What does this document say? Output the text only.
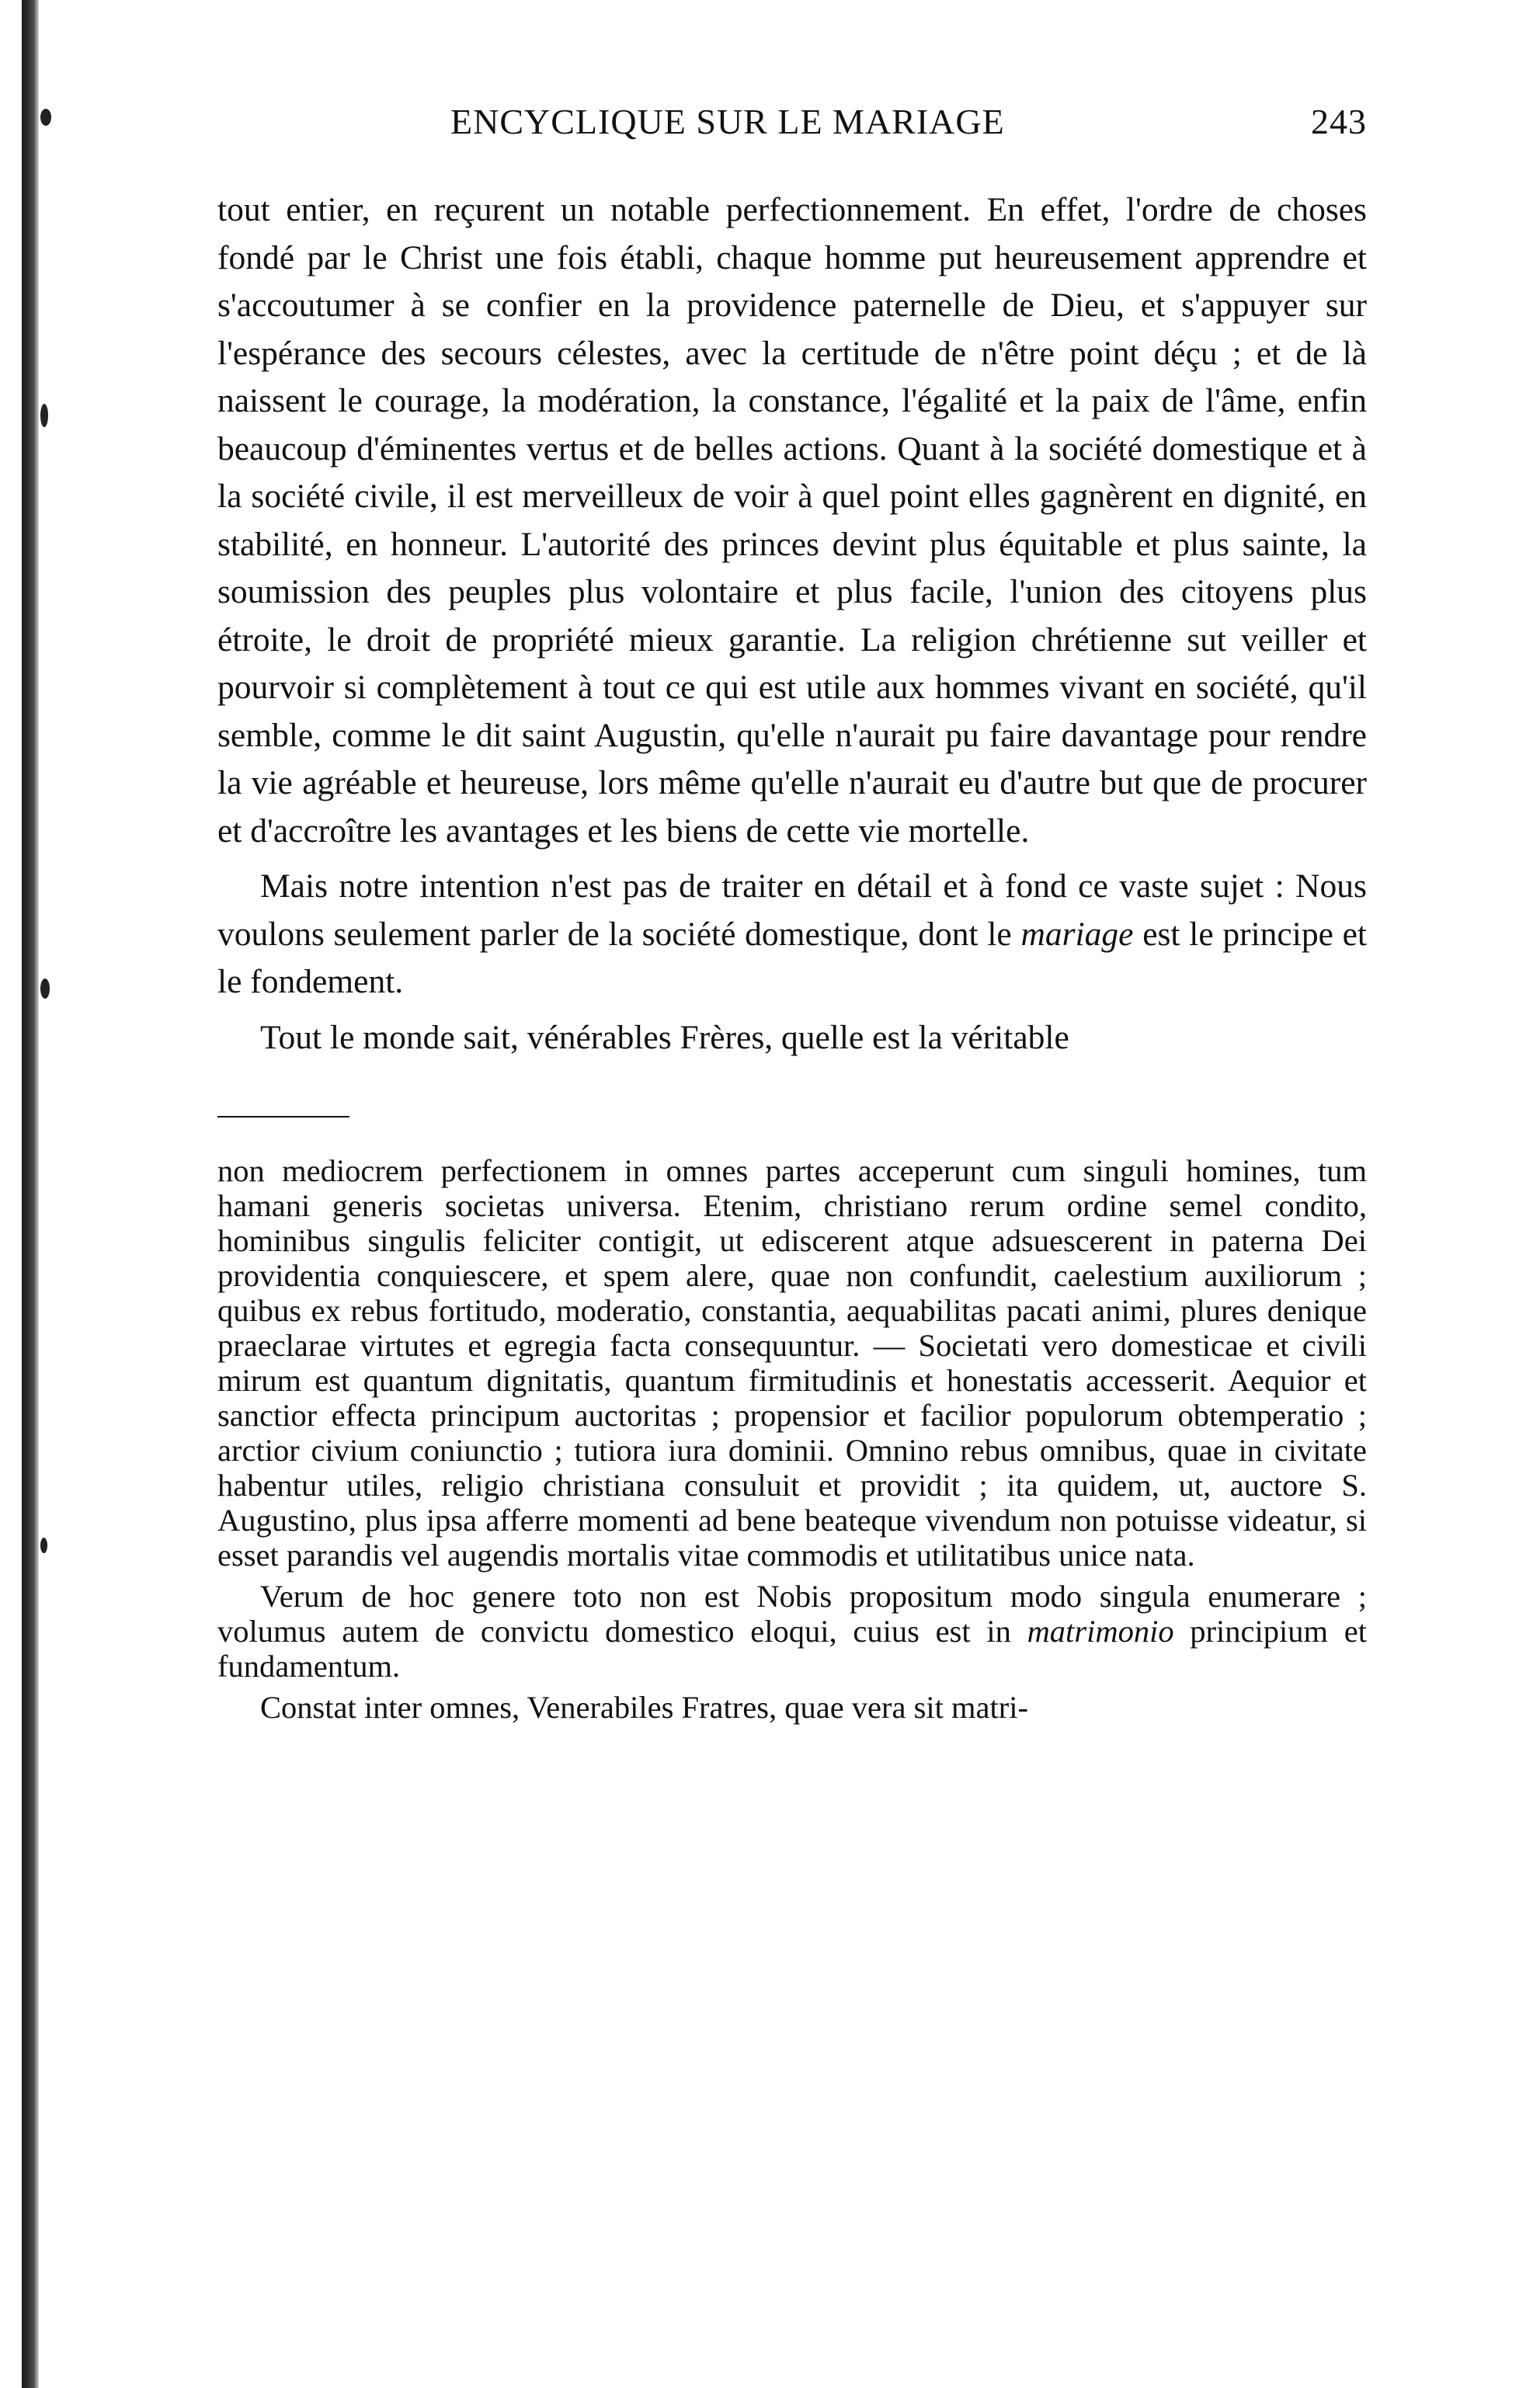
ENCYCLIQUE SUR LE MARIAGE	243

tout entier, en reçurent un notable perfectionnement. En effet, l'ordre de choses fondé par le Christ une fois établi, chaque homme put heureusement apprendre et s'accoutumer à se confier en la providence paternelle de Dieu, et s'appuyer sur l'espérance des secours célestes, avec la certitude de n'être point déçu ; et de là naissent le courage, la modération, la constance, l'égalité et la paix de l'âme, enfin beaucoup d'éminentes vertus et de belles actions. Quant à la société domestique et à la société civile, il est merveilleux de voir à quel point elles gagnèrent en dignité, en stabilité, en honneur. L'autorité des princes devint plus équitable et plus sainte, la soumission des peuples plus volontaire et plus facile, l'union des citoyens plus étroite, le droit de propriété mieux garantie. La religion chrétienne sut veiller et pourvoir si complètement à tout ce qui est utile aux hommes vivant en société, qu'il semble, comme le dit saint Augustin, qu'elle n'aurait pu faire davantage pour rendre la vie agréable et heureuse, lors même qu'elle n'aurait eu d'autre but que de procurer et d'accroître les avantages et les biens de cette vie mortelle.

Mais notre intention n'est pas de traiter en détail et à fond ce vaste sujet : Nous voulons seulement parler de la société domestique, dont le mariage est le principe et le fondement.

Tout le monde sait, vénérables Frères, quelle est la véritable

non mediocrem perfectionem in omnes partes acceperunt cum singuli homines, tum hamani generis societas universa. Etenim, christiano rerum ordine semel condito, hominibus singulis feliciter contigit, ut ediscerent atque adsuescerent in paterna Dei providentia conquiescere, et spem alere, quae non confundit, caelestium auxiliorum ; quibus ex rebus fortitudo, moderatio, constantia, aequabilitas pacati animi, plures denique praeclarae virtutes et egregia facta consequuntur. — Societati vero domesticae et civili mirum est quantum dignitatis, quantum firmitudinis et honestatis accesserit. Aequior et sanctior effecta principum auctoritas ; propensior et facilior populorum obtemperatio ; arctior civium coniunctio ; tutiora iura dominii. Omnino rebus omnibus, quae in civitate habentur utiles, religio christiana consuluit et providit ; ita quidem, ut, auctore S. Augustino, plus ipsa afferre momenti ad bene beateque vivendum non potuisse videatur, si esset parandis vel augendis mortalis vitae commodis et utilitatibus unice nata.

Verum de hoc genere toto non est Nobis propositum modo singula enumerare ; volumus autem de convictu domestico eloqui, cuius est in matrimonio principium et fundamentum.

Constat inter omnes, Venerabiles Fratres, quae vera sit matri-
